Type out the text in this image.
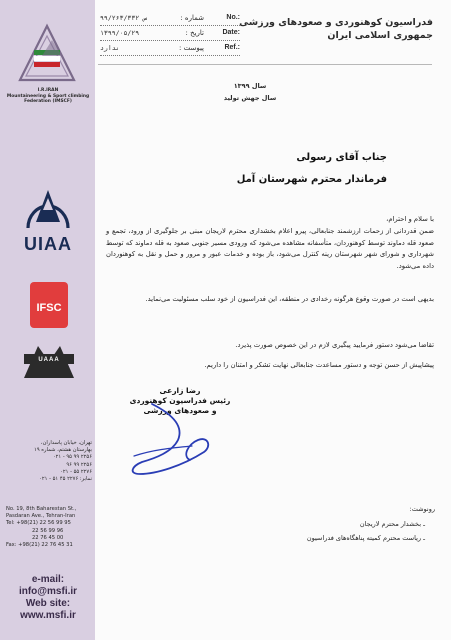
I.R.IRAN
Mountaineering & Sport climbing
Federation (IMSCF)
UIAA
IFSC
UAAA
تهران، خیابان پاسداران،
بهارستان هشتم، شماره ۱۹
۲۲۵۶ ۹۹ ۹۵ - ۰۲۱
۲۲۵۶ ۹۹ ۹۶
۲۲۷۶ ۵۵ - ۰۲۱
نمابر: ۲۲۷۶ ۴۵ ۵۱ - ۰۲۱
No. 19, 8th Baharestan St.,
Pasdaran Ave., Tehran-Iran
Tel: +98(21) 22 56 99 95
22 56 99 96
22 76 45 00
Fax: +98(21) 22 76 45 31
e-mail:
info@msfi.ir
Web site:
www.msfi.ir
فدراسیون کوهنوردی و صعودهای ورزشی
جمهوری اسلامی ایران
۹۹/۲۶۳/س ۳۳۲	شماره :	No.:
۱۳۹۹/۰۵/۲۹	تاریخ :	Date:
ندارد	پیوست :	Ref.:
سال ۱۳۹۹
سال جهش تولید
جناب آقای رسولی
فرماندار محترم شهرستان آمل
با سلام و احترام،
ضمن قدردانی از زحمات ارزشمند جنابعالی، پیرو اعلام بخشداری محترم لاریجان مبنی بر جلوگیری از ورود، تجمع و صعود قله دماوند توسط کوهنوردان، متأسفانه مشاهده می‌شود که ورودی مسیر جنوبی صعود به قله دماوند که توسط شهرداری و شورای شهر شهرستان رینه کنترل می‌شود، باز بوده و خدمات عبور و مرور و حمل و نقل به کوهنوردان داده می‌شود.
بدیهی است در صورت وقوع هرگونه رخدادی در منطقه، این فدراسیون از خود سلب مسئولیت می‌نماید.
تقاضا می‌شود دستور فرمایید پیگیری لازم در این خصوص صورت پذیرد.
پیشاپیش از حسن توجه و دستور مساعدت جنابعالی نهایت تشکر و امتنان را داریم.
رضا زارعی
رئیس فدراسیون کوهنوردی
و صعودهای ورزشی
رونوشت:
ـ بخشدار محترم لاریجان
ـ ریاست محترم کمیته پناهگاه‌های فدراسیون
